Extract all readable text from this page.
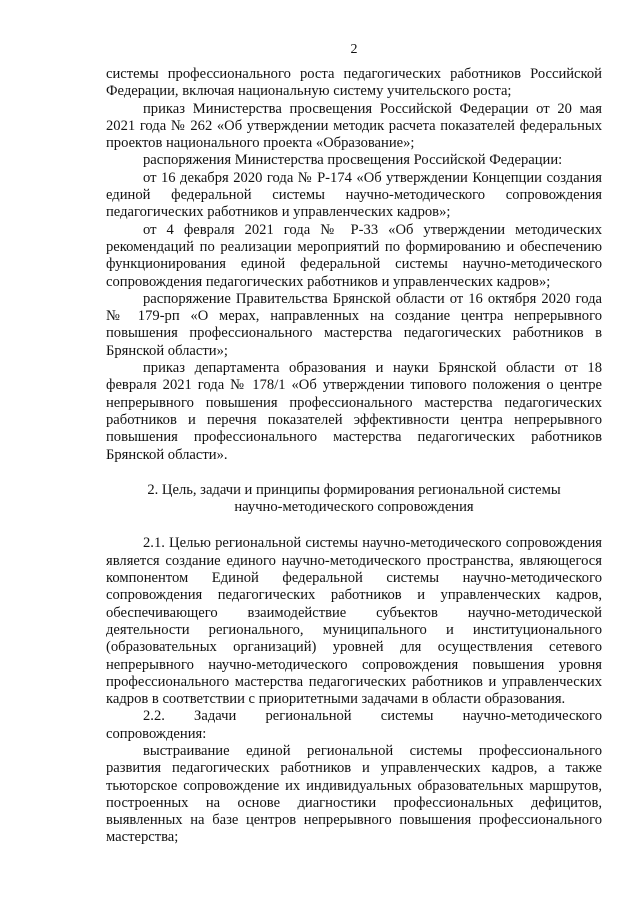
2

системы профессионального роста педагогических работников Российской Федерации, включая национальную систему учительского роста;

приказ Министерства просвещения Российской Федерации от 20 мая 2021 года № 262 «Об утверждении методик расчета показателей федеральных проектов национального проекта «Образование»;

распоряжения Министерства просвещения Российской Федерации:

от 16 декабря 2020 года № Р-174 «Об утверждении Концепции создания единой федеральной системы научно-методического сопровождения педагогических работников и управленческих кадров»;

от 4 февраля 2021 года № Р-33 «Об утверждении методических рекомендаций по реализации мероприятий по формированию и обеспечению функционирования единой федеральной системы научно-методического сопровождения педагогических работников и управленческих кадров»;

распоряжение Правительства Брянской области от 16 октября 2020 года № 179-рп «О мерах, направленных на создание центра непрерывного повышения профессионального мастерства педагогических работников в Брянской области»;

приказ департамента образования и науки Брянской области от 18 февраля 2021 года № 178/1 «Об утверждении типового положения о центре непрерывного повышения профессионального мастерства педагогических работников и перечня показателей эффективности центра непрерывного повышения профессионального мастерства педагогических работников Брянской области».

2. Цель, задачи и принципы формирования региональной системы
научно-методического сопровождения

2.1. Целью региональной системы научно-методического сопровождения является создание единого научно-методического пространства, являющегося компонентом Единой федеральной системы научно-методического сопровождения педагогических работников и управленческих кадров, обеспечивающего взаимодействие субъектов научно-методической деятельности регионального, муниципального и институционального (образовательных организаций) уровней для осуществления сетевого непрерывного научно-методического сопровождения повышения уровня профессионального мастерства педагогических работников и управленческих кадров в соответствии с приоритетными задачами в области образования.

2.2. Задачи региональной системы научно-методического сопровождения:

выстраивание единой региональной системы профессионального развития педагогических работников и управленческих кадров, а также тьюторское сопровождение их индивидуальных образовательных маршрутов, построенных на основе диагностики профессиональных дефицитов, выявленных на базе центров непрерывного повышения профессионального мастерства;
